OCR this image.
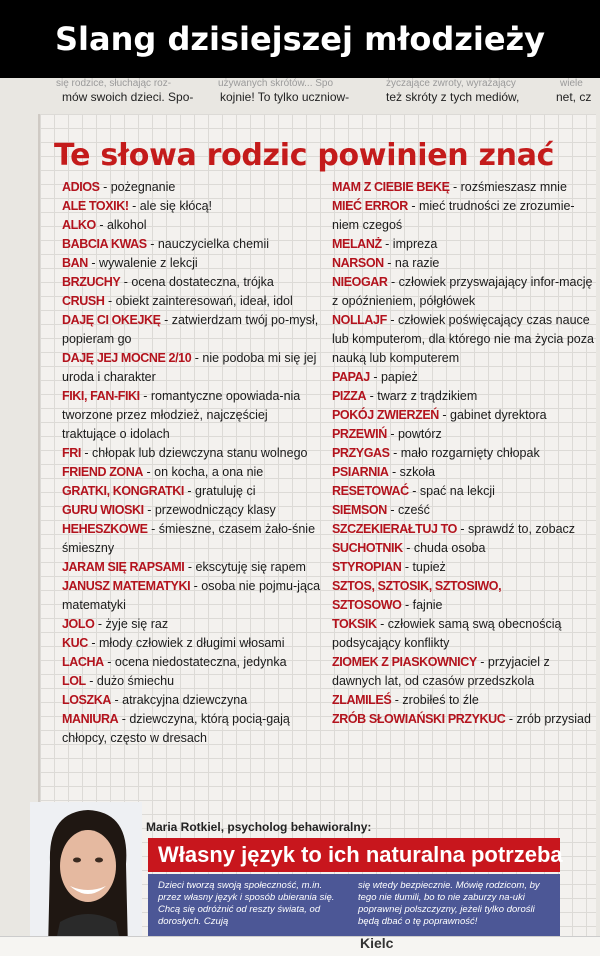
Slang dzisiejszej młodzieży
się rodzice, słuchając roz-
mów swoich dzieci. Spo-
używanych skrótów... Spo
kojnie! To tylko uczniow-
życzające zwroty, wyrażający
też skróty z tych mediów,
wiele
net, cz
Te słowa rodzic powinien znać

ADIOS - pożegnanie

ALE TOXIK! - ale się kłócą!

ALKO - alkohol

BABCIA KWAS - nauczycielka chemii

BAN - wywalenie z lekcji

BRZUCHY - ocena dostateczna, trójka

CRUSH - obiekt zainteresowań, ideał, idol

DAJĘ CI OKEJKĘ - zatwierdzam twój po-mysł, popieram go

DAJĘ JEJ MOCNE 2/10 - nie podoba mi się jej uroda i charakter

FIKI, FAN-FIKI - romantyczne opowiada-nia tworzone przez młodzież, najczęściej traktujące o idolach

FRI - chłopak lub dziewczyna stanu wolnego

FRIEND ZONA - on kocha, a ona nie

GRATKI, KONGRATKI - gratuluję ci

GURU WIOSKI - przewodniczący klasy

HEHESZKOWE - śmieszne, czasem żało-śnie śmieszny

JARAM SIĘ RAPSAMI - ekscytuję się rapem

JANUSZ MATEMATYKI - osoba nie pojmu-jąca matematyki

JOLO - żyje się raz

KUC - młody człowiek z długimi włosami

LACHA - ocena niedostateczna, jedynka

LOL - dużo śmiechu

LOSZKA - atrakcyjna dziewczyna

MANIURA - dziewczyna, którą pocią-gają chłopcy, często w dresach

MAM Z CIEBIE BEKĘ - rozśmieszasz mnie

MIEĆ ERROR - mieć trudności ze zrozumie-niem czegoś

MELANŻ - impreza

NARSON - na razie

NIEOGAR - człowiek przyswajający infor-mację z opóźnieniem, półgłówek

NOLLAJF - człowiek poświęcający czas nauce lub komputerom, dla którego nie ma życia poza nauką lub komputerem

PAPAJ - papież

PIZZA - twarz z trądzikiem

POKÓJ ZWIERZEŃ - gabinet dyrektora

PRZEWIŃ - powtórz

PRZYGAS - mało rozgarnięty chłopak

PSIARNIA - szkoła

RESETOWAĆ - spać na lekcji

SIEMSON - cześć

SZCZEKIERAŁTUJ TO - sprawdź to, zobacz

SUCHOTNIK - chuda osoba

STYROPIAN - tupież

SZTOS, SZTOSIK, SZTOSIWO,

SZTOSOWO - fajnie

TOKSIK - człowiek samą swą obecnością podsycający konflikty

ZIOMEK Z PIASKOWNICY - przyjaciel z dawnych lat, od czasów przedszkola

ZLAMILEŚ - zrobiłeś to źle

ZRÓB SŁOWIAŃSKI PRZYKUC - zrób przysiad

Maria Rotkiel, psycholog behawioralny:
Własny język to ich naturalna potrzeba
Dzieci tworzą swoją społeczność, m.in. przez własny język i sposób ubierania się. Chcą się odróżnić od reszty świata, od dorosłych. Czują
się wtedy bezpiecznie. Mówię rodzicom, by tego nie tłumili, bo to nie zaburzy na-uki poprawnej polszczyzny, jeżeli tylko dorośli będą dbać o tę poprawność!
Kielc
